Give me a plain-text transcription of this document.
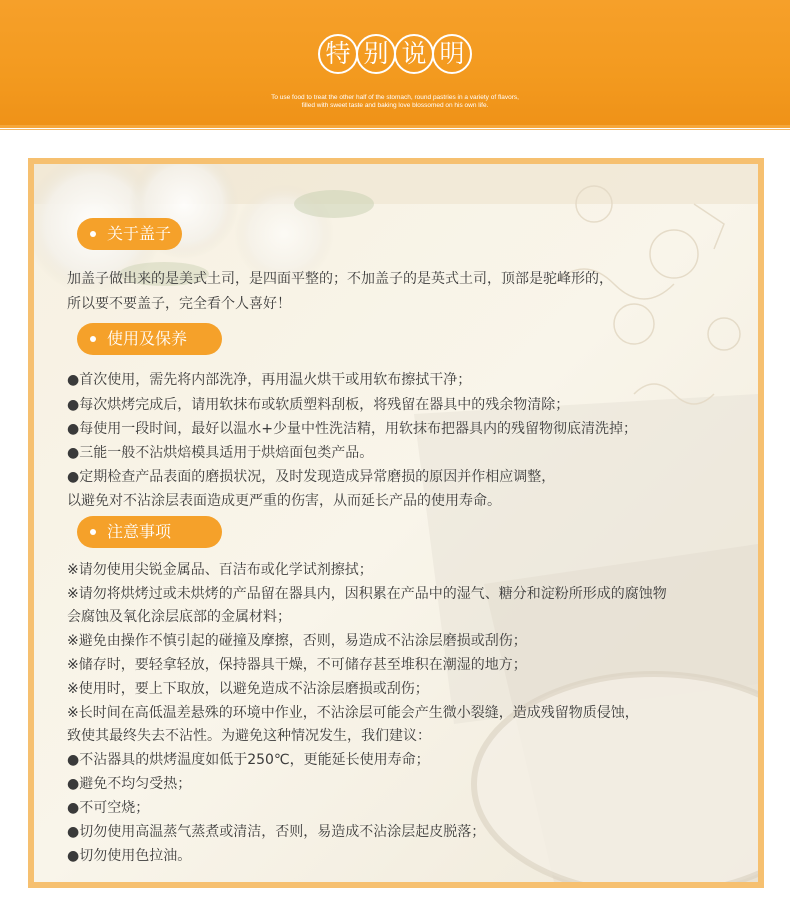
特 别 说 明
To use food to treat the other half of the stomach, round pastries in a variety of flavors,
filled with sweet taste and baking love blossomed on his own life.
关于盖子
加盖子做出来的是美式土司，是四面平整的；不加盖子的是英式土司，顶部是驼峰形的，
所以要不要盖子，完全看个人喜好！
使用及保养
●首次使用，需先将内部洗净，再用温火烘干或用软布擦拭干净；
●每次烘烤完成后，请用软抹布或软质塑料刮板，将残留在器具中的残余物清除；
●每使用一段时间，最好以温水+少量中性洗洁精，用软抹布把器具内的残留物彻底清洗掉；
●三能一般不沾烘焙模具适用于烘焙面包类产品。
●定期检查产品表面的磨损状况，及时发现造成异常磨损的原因并作相应调整，
以避免对不沾涂层表面造成更严重的伤害，从而延长产品的使用寿命。
注意事项
※请勿使用尖锐金属品、百洁布或化学试剂擦拭；
※请勿将烘烤过或未烘烤的产品留在器具内，因积累在产品中的湿气、糖分和淀粉所形成的腐蚀物
会腐蚀及氧化涂层底部的金属材料；
※避免由操作不慎引起的碰撞及摩擦，否则，易造成不沾涂层磨损或刮伤；
※储存时，要轻拿轻放，保持器具干燥，不可储存甚至堆积在潮湿的地方；
※使用时，要上下取放，以避免造成不沾涂层磨损或刮伤；
※长时间在高低温差悬殊的环境中作业，不沾涂层可能会产生微小裂缝，造成残留物质侵蚀，
致使其最终失去不沾性。为避免这种情况发生，我们建议：
●不沾器具的烘烤温度如低于250℃，更能延长使用寿命；
●避免不均匀受热；
●不可空烧；
●切勿使用高温蒸气蒸煮或清洁，否则，易造成不沾涂层起皮脱落；
●切勿使用色拉油。
